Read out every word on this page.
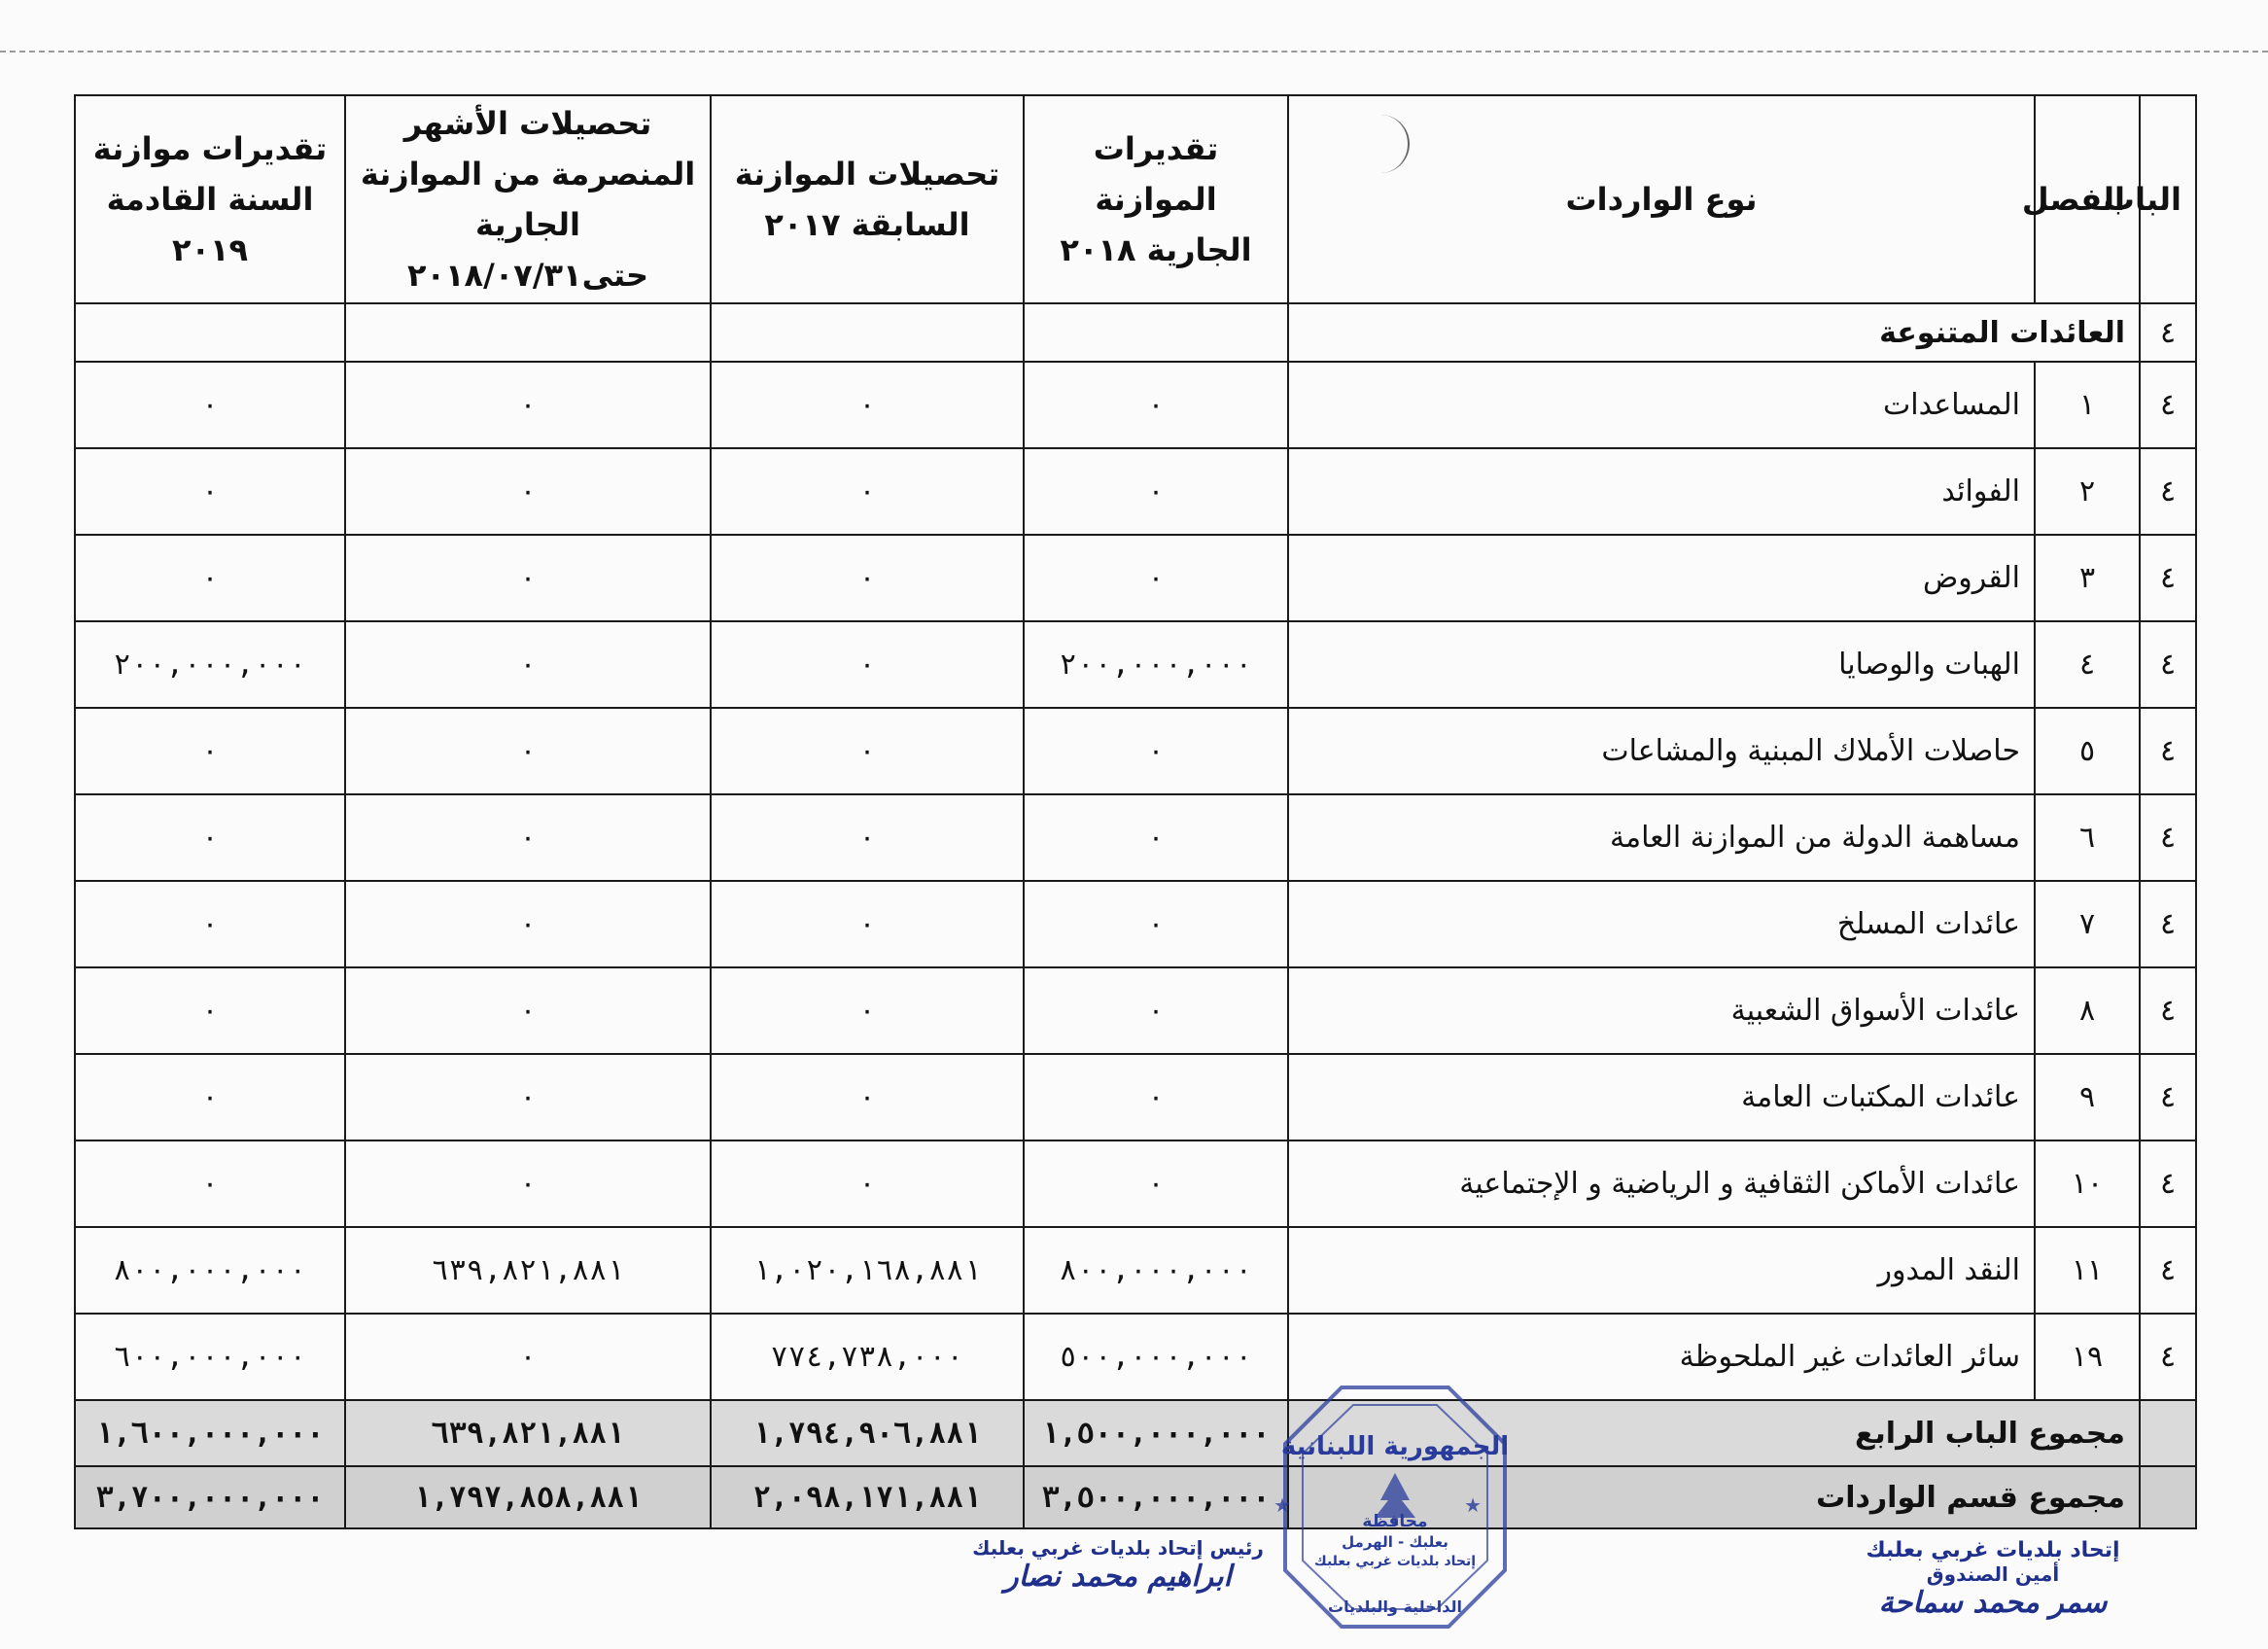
الباب	الفصل	نوع الواردات	تقديرات الموازنة الجارية ٢٠١٨	تحصيلات الموازنة السابقة ٢٠١٧	تحصيلات الأشهر المنصرمة من الموازنة الجارية حتى٢٠١٨/٠٧/٣١	تقديرات موازنة السنة القادمة ٢٠١٩
٤	العائدات المتنوعة					
٤	١	المساعدات	٠	٠	٠	٠
٤	٢	الفوائد	٠	٠	٠	٠
٤	٣	القروض	٠	٠	٠	٠
٤	٤	الهبات والوصايا	٢٠٠,٠٠٠,٠٠٠	٠	٠	٢٠٠,٠٠٠,٠٠٠
٤	٥	حاصلات الأملاك المبنية والمشاعات	٠	٠	٠	٠
٤	٦	مساهمة الدولة من الموازنة العامة	٠	٠	٠	٠
٤	٧	عائدات المسلخ	٠	٠	٠	٠
٤	٨	عائدات الأسواق الشعبية	٠	٠	٠	٠
٤	٩	عائدات المكتبات العامة	٠	٠	٠	٠
٤	١٠	عائدات الأماكن الثقافية و الرياضية و الإجتماعية	٠	٠	٠	٠
٤	١١	النقد المدور	٨٠٠,٠٠٠,٠٠٠	١,٠٢٠,١٦٨,٨٨١	٦٣٩,٨٢١,٨٨١	٨٠٠,٠٠٠,٠٠٠
٤	١٩	سائر العائدات غير الملحوظة	٥٠٠,٠٠٠,٠٠٠	٧٧٤,٧٣٨,٠٠٠	٠	٦٠٠,٠٠٠,٠٠٠
	مجموع الباب الرابع		١,٥٠٠,٠٠٠,٠٠٠	١,٧٩٤,٩٠٦,٨٨١	٦٣٩,٨٢١,٨٨١	١,٦٠٠,٠٠٠,٠٠٠
	مجموع قسم الواردات		٣,٥٠٠,٠٠٠,٠٠٠	٢,٠٩٨,١٧١,٨٨١	١,٧٩٧,٨٥٨,٨٨١	٣,٧٠٠,٠٠٠,٠٠٠	★	★
الجمهورية اللبنانية
محافظة
بعلبك - الهرمل
إتحاد بلديات غربي بعلبك
الداخلية والبلديات
رئيس إتحاد بلديات غربي بعلبك
ابراهيم محمد نصار
إتحاد بلديات غربي بعلبك
أمين الصندوق
سمر محمد سماحة
